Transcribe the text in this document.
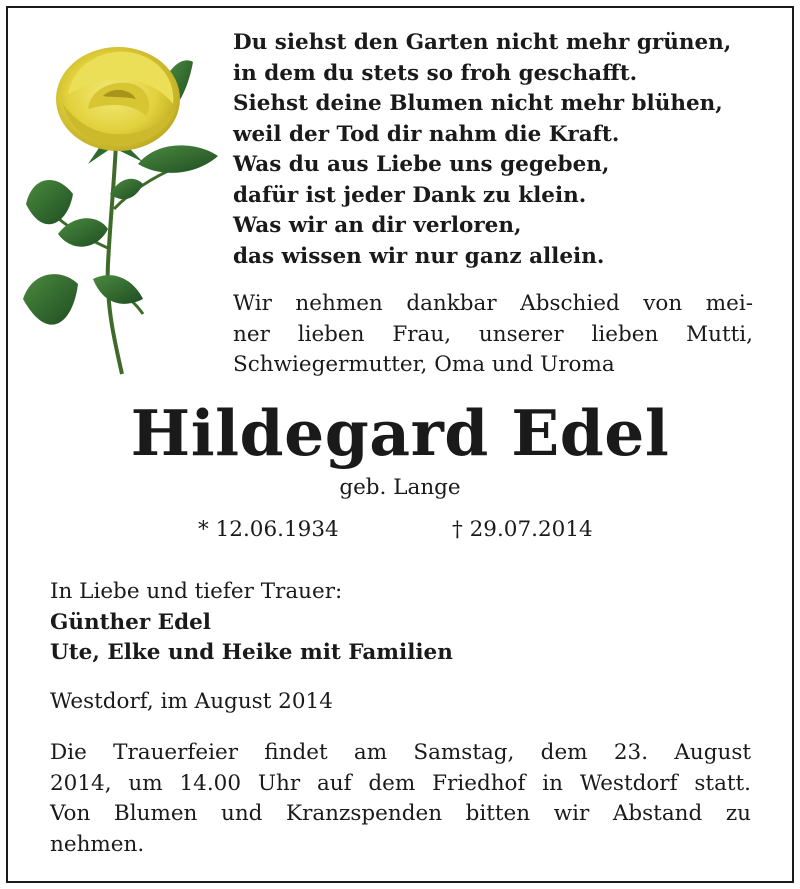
Du siehst den Garten nicht mehr grünen,
in dem du stets so froh geschafft.
Siehst deine Blumen nicht mehr blühen,
weil der Tod dir nahm die Kraft.
Was du aus Liebe uns gegeben,
dafür ist jeder Dank zu klein.
Was wir an dir verloren,
das wissen wir nur ganz allein.
Wir nehmen dankbar Abschied von mei-
ner lieben Frau, unserer lieben Mutti,
Schwiegermutter, Oma und Uroma
Hildegard Edel
geb. Lange
* 12.06.1934	† 29.07.2014
In Liebe und tiefer Trauer:
Günther Edel
Ute, Elke und Heike mit Familien
Westdorf, im August 2014
Die Trauerfeier findet am Samstag, dem 23. August
2014, um 14.00 Uhr auf dem Friedhof in Westdorf statt.
Von Blumen und Kranzspenden bitten wir Abstand zu
nehmen.
